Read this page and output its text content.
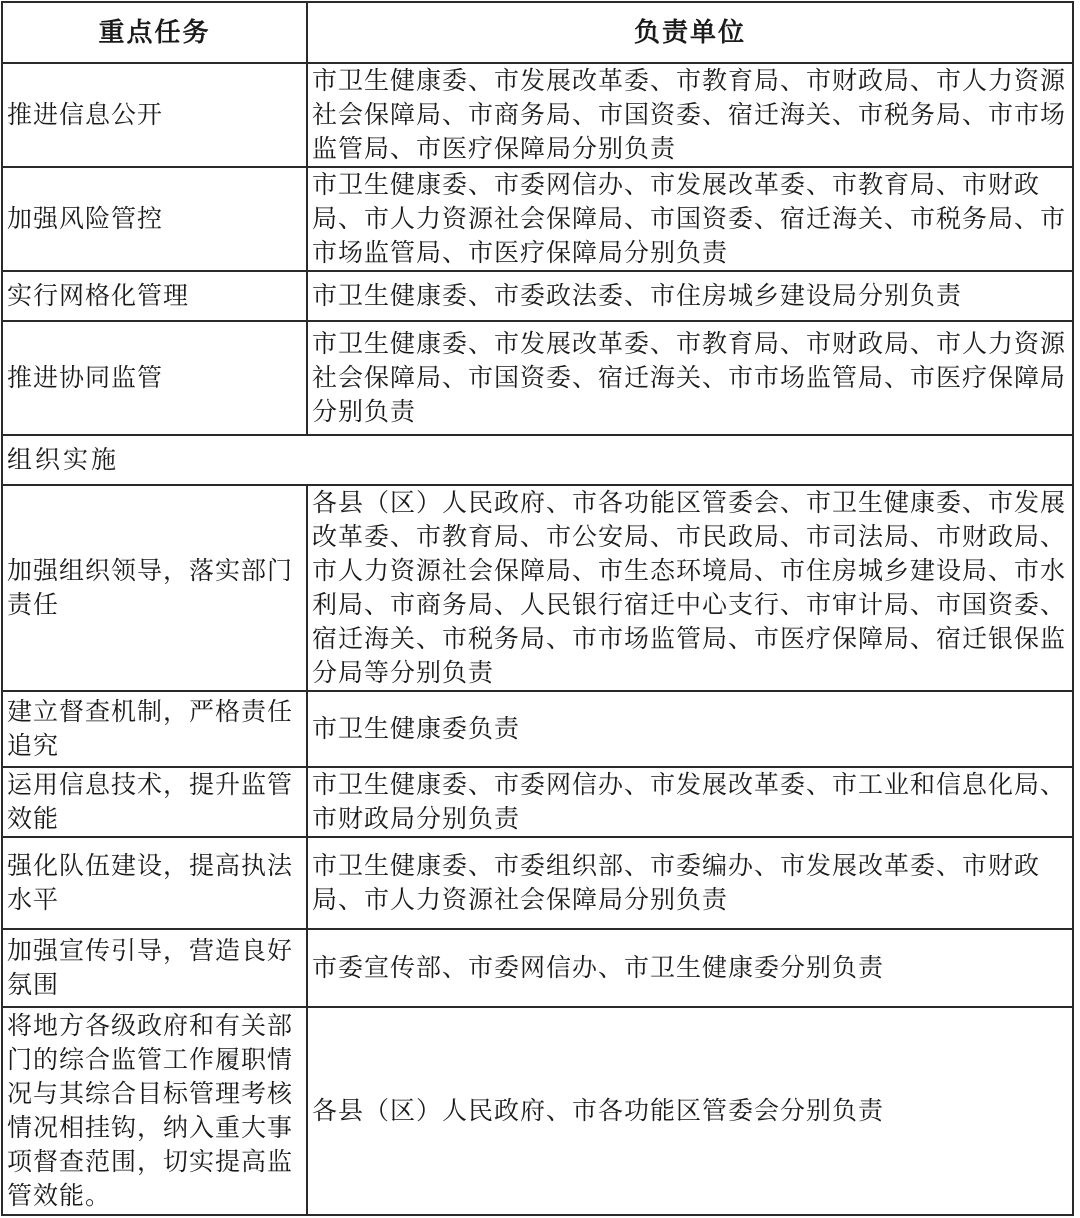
重点任务	负责单位
推进信息公开	市卫生健康委、市发展改革委、市教育局、市财政局、市人力资源社会保障局、市商务局、市国资委、宿迁海关、市税务局、市市场监管局、市医疗保障局分别负责
加强风险管控	市卫生健康委、市委网信办、市发展改革委、市教育局、市财政局、市人力资源社会保障局、市国资委、宿迁海关、市税务局、市市场监管局、市医疗保障局分别负责
实行网格化管理	市卫生健康委、市委政法委、市住房城乡建设局分别负责
推进协同监管	市卫生健康委、市发展改革委、市教育局、市财政局、市人力资源社会保障局、市国资委、宿迁海关、市市场监管局、市医疗保障局分别负责
组织实施	
加强组织领导，落实部门责任	各县（区）人民政府、市各功能区管委会、市卫生健康委、市发展改革委、市教育局、市公安局、市民政局、市司法局、市财政局、市人力资源社会保障局、市生态环境局、市住房城乡建设局、市水利局、市商务局、人民银行宿迁中心支行、市审计局、市国资委、宿迁海关、市税务局、市市场监管局、市医疗保障局、宿迁银保监分局等分别负责
建立督查机制，严格责任追究	市卫生健康委负责
运用信息技术，提升监管效能	市卫生健康委、市委网信办、市发展改革委、市工业和信息化局、市财政局分别负责
强化队伍建设，提高执法水平	市卫生健康委、市委组织部、市委编办、市发展改革委、市财政局、市人力资源社会保障局分别负责
加强宣传引导，营造良好氛围	市委宣传部、市委网信办、市卫生健康委分别负责
将地方各级政府和有关部门的综合监管工作履职情况与其综合目标管理考核情况相挂钩，纳入重大事项督查范围，切实提高监管效能。	各县（区）人民政府、市各功能区管委会分别负责
